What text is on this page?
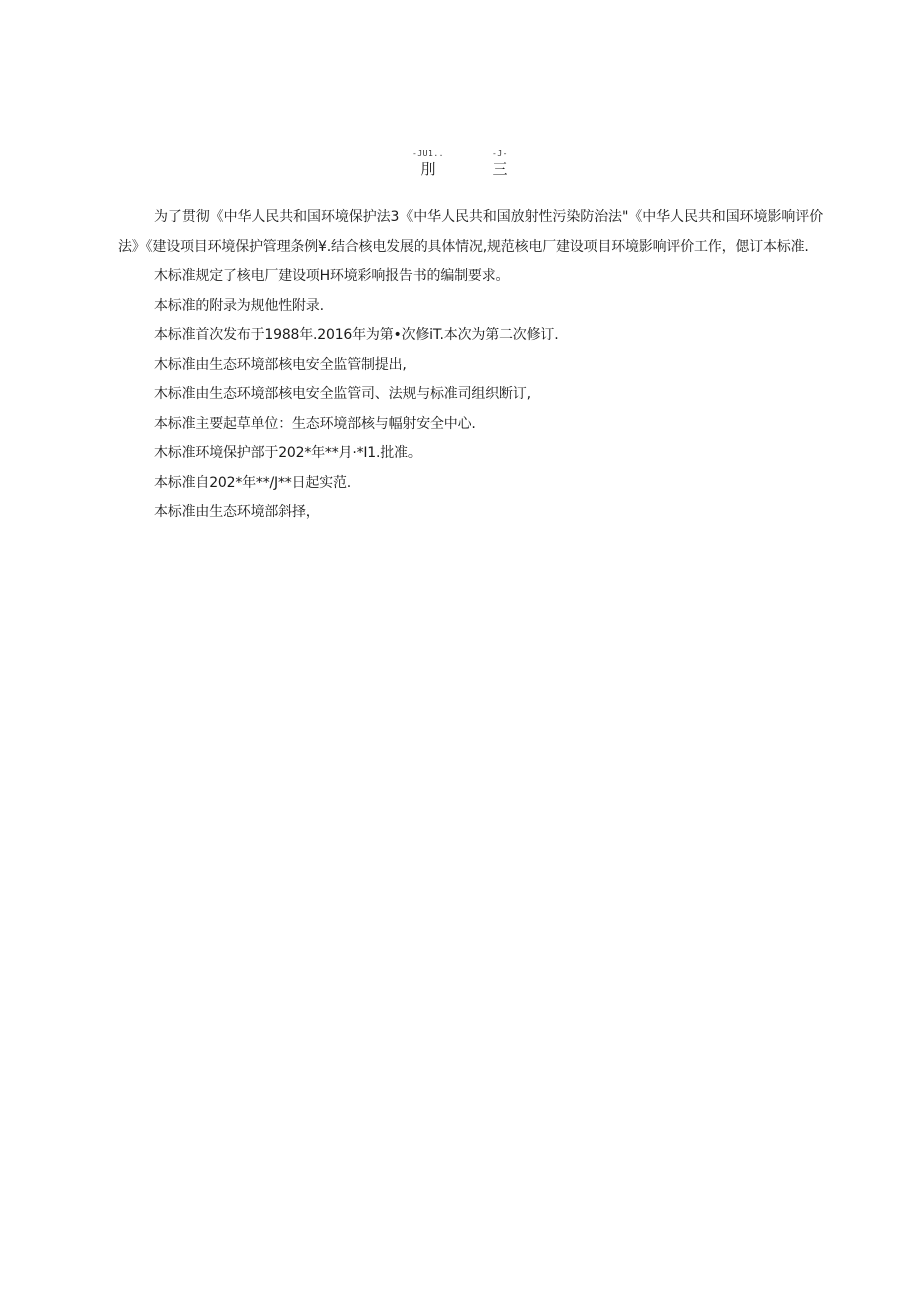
-JU1..
刖
-J-
三

为了贯彻《中华人民共和国环境保护法3《中华人民共和国放射性污染防治法"《中华人民共和国环境影响评价法》《建设项目环境保护管理条例¥.结合核电发展的具体情况,规范核电厂建设项目环境影响评价工作，偲订本标准.

木标准规定了核电厂建设项H环境彩响报告书的编制要求。

本标准的附录为规他性附录.

本标准首次发布于1988年.2016年为第•次修iT.本次为第二次修订.

木标准由生态环境部核电安全监管制提出,

木标准由生态环境部核电安全监管司、法规与标准司组织断订,

本标准主要起草单位：生态环境部核与幅射安全中心.

木标准环境保护部于202*年**月·*I1.批准。

本标准自202*年**/J**日起实范.

本标准由生态环境部斜择，
